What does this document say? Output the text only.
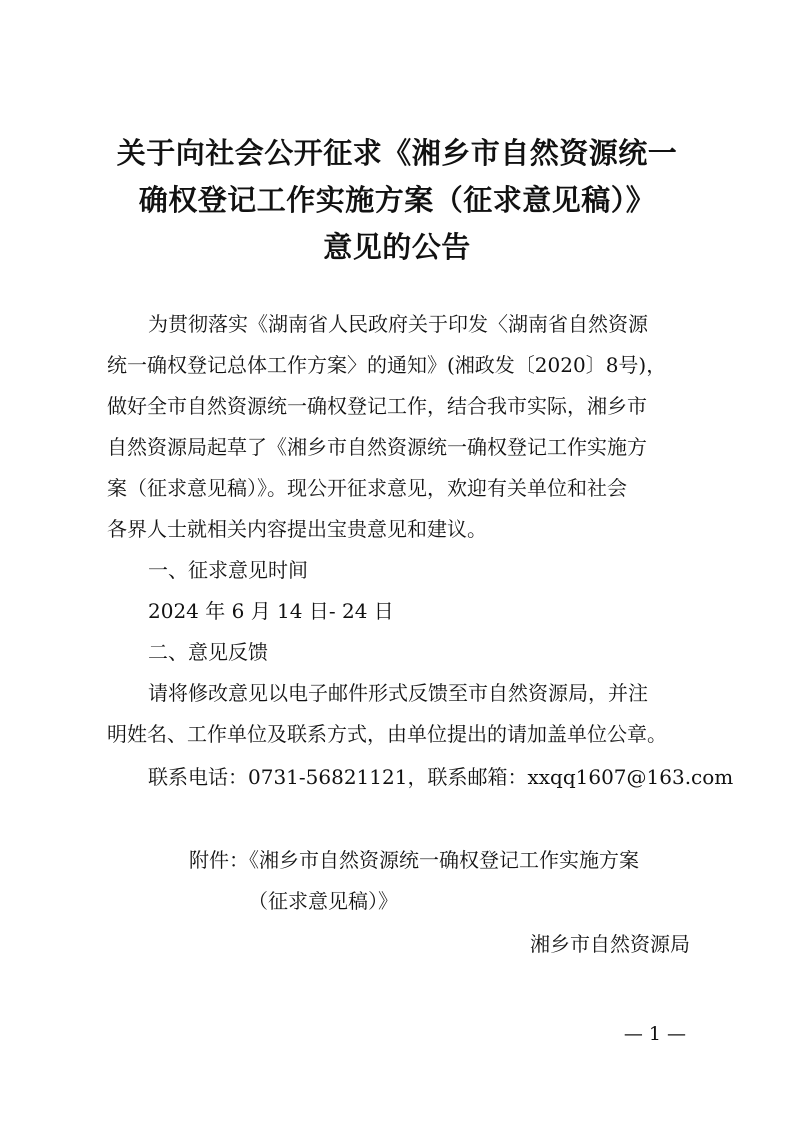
关于向社会公开征求《湘乡市自然资源统一
确权登记工作实施方案（征求意见稿）》
意见的公告
为贯彻落实《湖南省人民政府关于印发〈湖南省自然资源
统一确权登记总体工作方案〉的通知》(湘政发〔2020〕8号)，
做好全市自然资源统一确权登记工作，结合我市实际，湘乡市
自然资源局起草了《湘乡市自然资源统一确权登记工作实施方
案（征求意见稿）》。现公开征求意见，欢迎有关单位和社会
各界人士就相关内容提出宝贵意见和建议。
一、征求意见时间
2024 年 6 月 14 日- 24 日
二、意见反馈
请将修改意见以电子邮件形式反馈至市自然资源局，并注
明姓名、工作单位及联系方式，由单位提出的请加盖单位公章。
联系电话：0731-56821121，联系邮箱：xxqq1607@163.com
附件：《湘乡市自然资源统一确权登记工作实施方案
（征求意见稿）》
湘乡市自然资源局
— 1 —
